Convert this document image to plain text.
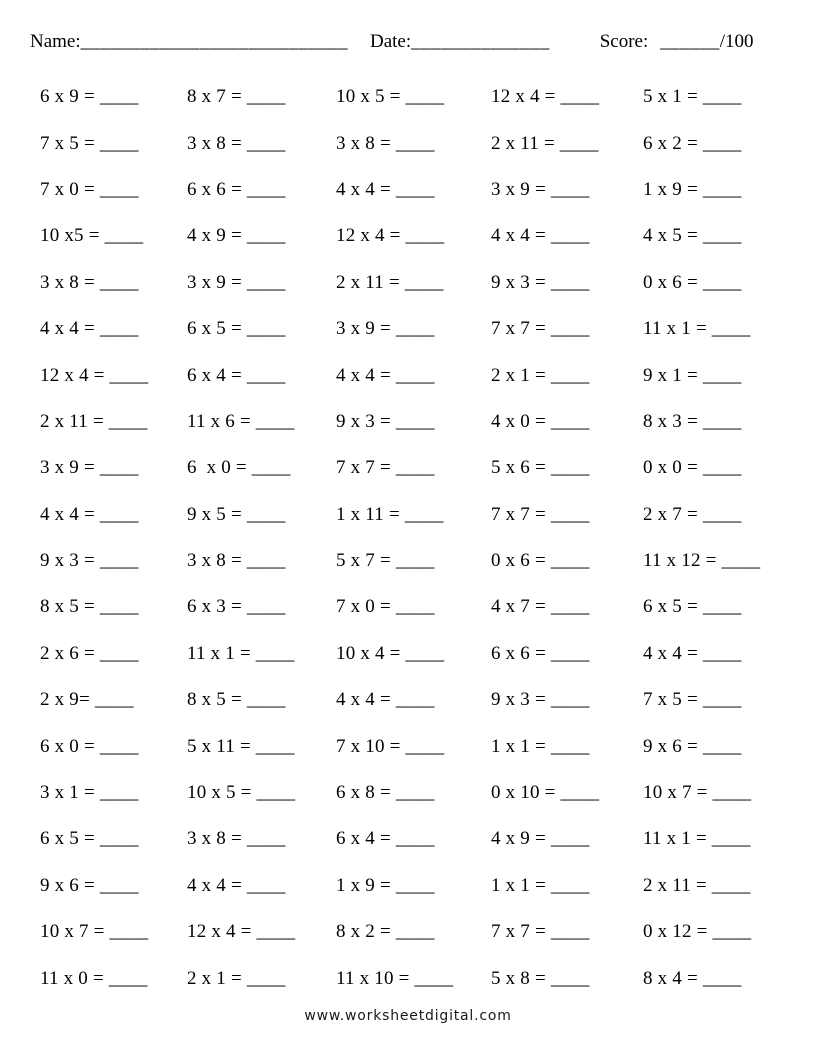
Name:___________________________ Date:______________	Score: ______/100
6 x 9 = ____	8 x 7 = ____	10 x 5 = ____	12 x 4 = ____	5 x 1 = ____
7 x 5 = ____	3 x 8 = ____	3 x 8 = ____	2 x 11 = ____	6 x 2 = ____
7 x 0 = ____	6 x 6 = ____	4 x 4 = ____	3 x 9 = ____	1 x 9 = ____
10 x5 = ____	4 x 9 = ____	12 x 4 = ____	4 x 4 = ____	4 x 5 = ____
3 x 8 = ____	3 x 9 = ____	2 x 11 = ____	9 x 3 = ____	0 x 6 = ____
4 x 4 = ____	6 x 5 = ____	3 x 9 = ____	7 x 7 = ____	11 x 1 = ____
12 x 4 = ____	6 x 4 = ____	4 x 4 = ____	2 x 1 = ____	9 x 1 = ____
2 x 11 = ____	11 x 6 = ____	9 x 3 = ____	4 x 0 = ____	8 x 3 = ____
3 x 9 = ____	6  x 0 = ____	7 x 7 = ____	5 x 6 = ____	0 x 0 = ____
4 x 4 = ____	9 x 5 = ____	1 x 11 = ____	7 x 7 = ____	2 x 7 = ____
9 x 3 = ____	3 x 8 = ____	5 x 7 = ____	0 x 6 = ____	11 x 12 = ____
8 x 5 = ____	6 x 3 = ____	7 x 0 = ____	4 x 7 = ____	6 x 5 = ____
2 x 6 = ____	11 x 1 = ____	10 x 4 = ____	6 x 6 = ____	4 x 4 = ____
2 x 9= ____	8 x 5 = ____	4 x 4 = ____	9 x 3 = ____	7 x 5 = ____
6 x 0 = ____	5 x 11 = ____	7 x 10 = ____	1 x 1 = ____	9 x 6 = ____
3 x 1 = ____	10 x 5 = ____	6 x 8 = ____	0 x 10 = ____	10 x 7 = ____
6 x 5 = ____	3 x 8 = ____	6 x 4 = ____	4 x 9 = ____	11 x 1 = ____
9 x 6 = ____	4 x 4 = ____	1 x 9 = ____	1 x 1 = ____	2 x 11 = ____
10 x 7 = ____	12 x 4 = ____	8 x 2 = ____	7 x 7 = ____	0 x 12 = ____
11 x 0 = ____	2 x 1 = ____	11 x 10 = ____	5 x 8 = ____	8 x 4 = ____
www.worksheetdigital.com
